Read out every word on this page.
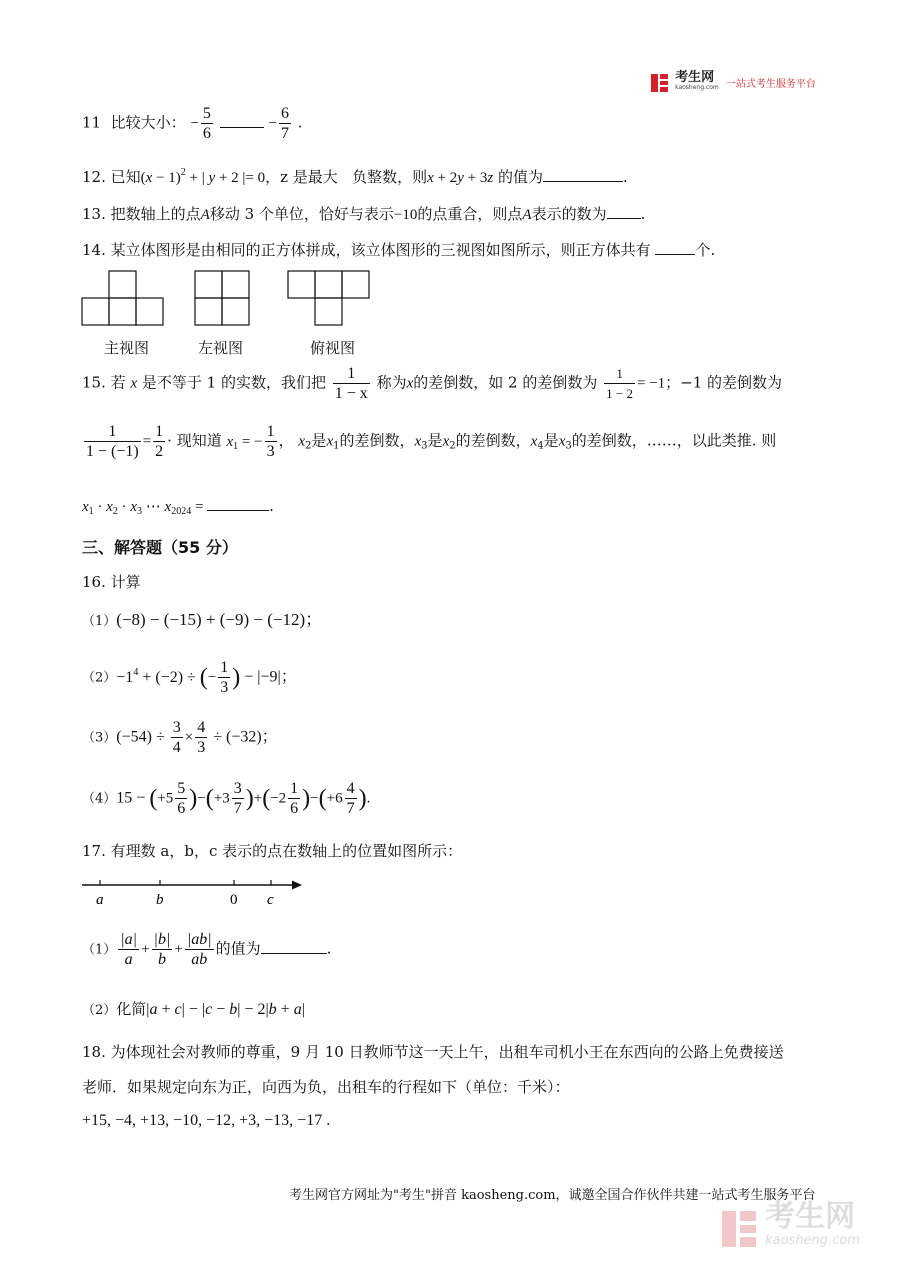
考生网
kaosheng.com 一站式考生服务平台
11 比较大小： − $\frac{5}{6}$	− $\frac{6}{7}$ .
12. 已知$(x - 1)^2$ + | y + 2 |= 0，z 是最大 负整数，则x + 2y + 3z 的值为	.
13. 把数轴上的点A移动 3 个单位，恰好与表示−10的点重合，则点A表示的数为 .
14. 某立体图形是由相同的正方体拼成，该立体图形的三视图如图所示，则正方体共有	个.
主视图	左视图	俯视图
15. 若 x 是不等于 1 的实数，我们把 $\frac{1}{1 - x}$ 称为x的差倒数，如 2 的差倒数为 $\frac{1}{1 - 2} = -1$；−1 的差倒数为
$\frac{1}{1 - (-1)} = \frac{1}{2}$ · 现知道 $x_1$ = − $\frac{1}{3}$ ， $x_2$是$x_1$的差倒数，$x_3$是$x_2$的差倒数，$x_4$是$x_3$的差倒数，……，以此类推. 则
$x_1 \cdot x_2 \cdot x_3$ ⋯ $x_{2024}$ =	.
三、解答题（55 分）
16. 计算
（1）(−8) − (−15) + (−9) − (−12)；
$(2)-1^4 + (-2)$ ÷ (− $\frac{1}{3}$ ) − |−9|；
$(3)(-54) \div \frac{3}{4} \times \frac{4}{3} \div (-32)$；
$(4)15 - (+5 \frac{5}{6} )-(+3 \frac{3}{7} )+(-2 \frac{1}{6} )-(+6 \frac{4}{7}$ ).
17. 有理数 a，b，c 表示的点在数轴上的位置如图所示：
a	b	0 c
$(1) \frac{|a|}{a} + \frac{|b|}{b} + \frac{|ab|}{ab}$ 的值为	.
（2）化简|a + c| − |c − b| − 2|b + a|
18. 为体现社会对教师的尊重，9 月 10 日教师节这一天上午，出租车司机小王在东西向的公路上免费接送
老师．如果规定向东为正，向西为负，出租车的行程如下（单位：千米）：
+15, −4, +13, −10, −12, +3, −13, −17 .
考生网官方网址为"考生"拼音 kaosheng.com，诚邀全国合作伙伴共建一站式考生服务平台

考生网
kaosheng.com
